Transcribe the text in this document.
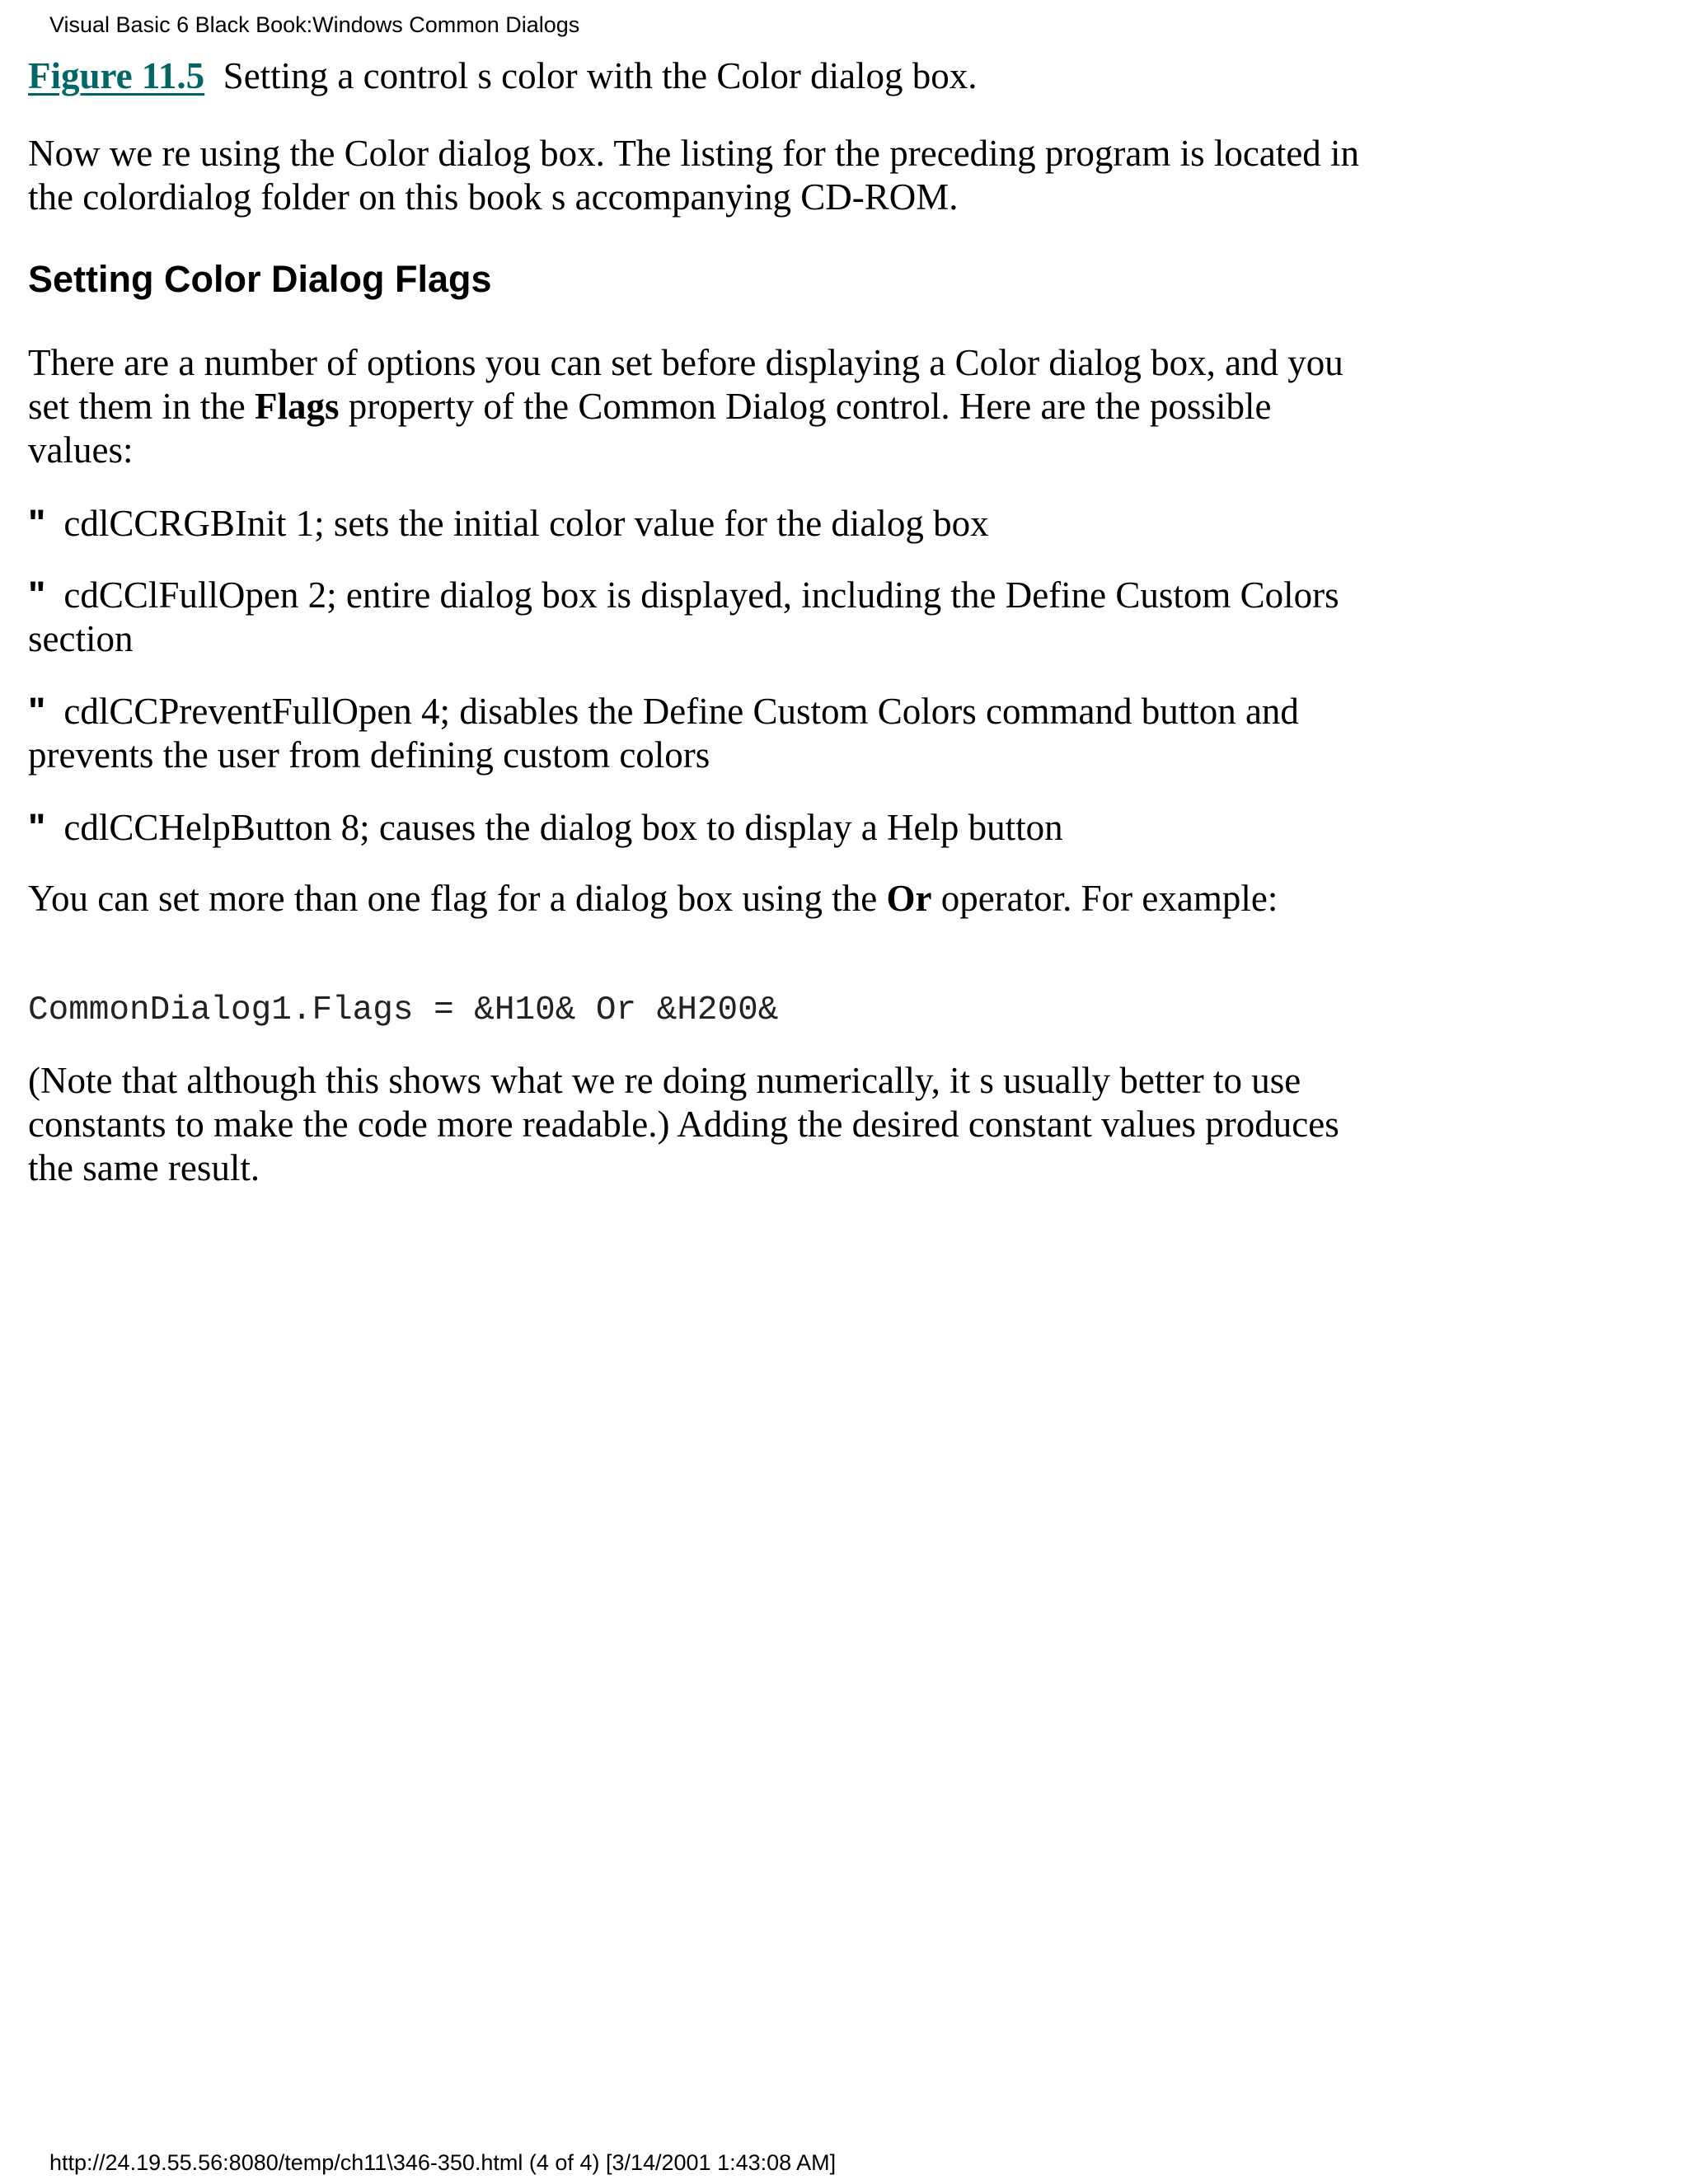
Visual Basic 6 Black Book:Windows Common Dialogs

Figure 11.5 Setting a control s color with the Color dialog box.

Now we re using the Color dialog box. The listing for the preceding program is located in the colordialog folder on this book s accompanying CD-ROM.

Setting Color Dialog Flags

There are a number of options you can set before displaying a Color dialog box, and you set them in the Flags property of the Common Dialog control. Here are the possible values:

" cdlCCRGBInit 1; sets the initial color value for the dialog box

" cdCClFullOpen 2; entire dialog box is displayed, including the Define Custom Colors section

" cdlCCPreventFullOpen 4; disables the Define Custom Colors command button and prevents the user from defining custom colors

" cdlCCHelpButton 8; causes the dialog box to display a Help button

You can set more than one flag for a dialog box using the Or operator. For example:

CommonDialog1.Flags = &H10& Or &H200&

(Note that although this shows what we re doing numerically, it s usually better to use constants to make the code more readable.) Adding the desired constant values produces the same result.

http://24.19.55.56:8080/temp/ch11\346-350.html (4 of 4) [3/14/2001 1:43:08 AM]
